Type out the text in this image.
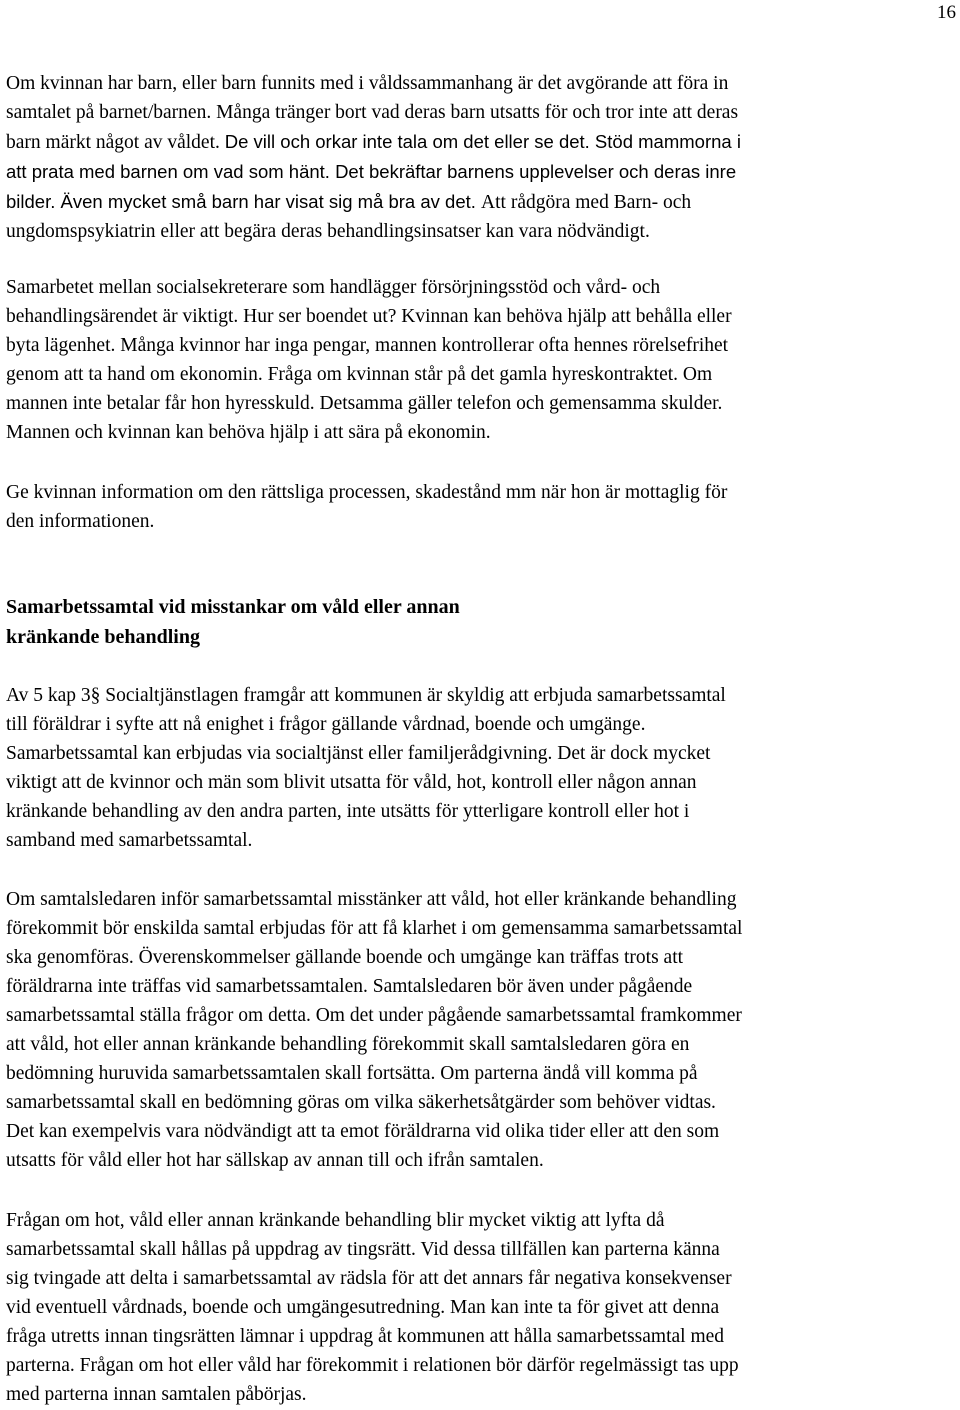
16
Om kvinnan har barn, eller barn funnits med i våldssammanhang är det avgörande att föra in
samtalet på barnet/barnen. Många tränger bort vad deras barn utsatts för och tror inte att deras
barn märkt något av våldet. De vill och orkar inte tala om det eller se det. Stöd mammorna i
att prata med barnen om vad som hänt. Det bekräftar barnens upplevelser och deras inre
bilder. Även mycket små barn har visat sig må bra av det. Att rådgöra med Barn- och
ungdomspsykiatrin eller att begära deras behandlingsinsatser kan vara nödvändigt.
Samarbetet mellan socialsekreterare som handlägger försörjningsstöd och vård- och
behandlingsärendet är viktigt. Hur ser boendet ut? Kvinnan kan behöva hjälp att behålla eller
byta lägenhet. Många kvinnor har inga pengar, mannen kontrollerar ofta hennes rörelsefrihet
genom att ta hand om ekonomin. Fråga om kvinnan står på det gamla hyreskontraktet. Om
mannen inte betalar får hon hyresskuld. Detsamma gäller telefon och gemensamma skulder.
Mannen och kvinnan kan behöva hjälp i att sära på ekonomin.
Ge kvinnan information om den rättsliga processen, skadestånd mm när hon är mottaglig för
den informationen.
Samarbetssamtal vid misstankar om våld eller annan
kränkande behandling
Av 5 kap 3§ Socialtjänstlagen framgår att kommunen är skyldig att erbjuda samarbetssamtal
till föräldrar i syfte att nå enighet i frågor gällande vårdnad, boende och umgänge.
Samarbetssamtal kan erbjudas via socialtjänst eller familjerådgivning. Det är dock mycket
viktigt att de kvinnor och män som blivit utsatta för våld, hot, kontroll eller någon annan
kränkande behandling av den andra parten, inte utsätts för ytterligare kontroll eller hot i
samband med samarbetssamtal.
Om samtalsledaren inför samarbetssamtal misstänker att våld, hot eller kränkande behandling
förekommit bör enskilda samtal erbjudas för att få klarhet i om gemensamma samarbetssamtal
ska genomföras. Överenskommelser gällande boende och umgänge kan träffas trots att
föräldrarna inte träffas vid samarbetssamtalen. Samtalsledaren bör även under pågående
samarbetssamtal ställa frågor om detta. Om det under pågående samarbetssamtal framkommer
att våld, hot eller annan kränkande behandling förekommit skall samtalsledaren göra en
bedömning huruvida samarbetssamtalen skall fortsätta. Om parterna ändå vill komma på
samarbetssamtal skall en bedömning göras om vilka säkerhetsåtgärder som behöver vidtas.
Det kan exempelvis vara nödvändigt att ta emot föräldrarna vid olika tider eller att den som
utsatts för våld eller hot har sällskap av annan till och ifrån samtalen.
Frågan om hot, våld eller annan kränkande behandling blir mycket viktig att lyfta då
samarbetssamtal skall hållas på uppdrag av tingsrätt. Vid dessa tillfällen kan parterna känna
sig tvingade att delta i samarbetssamtal av rädsla för att det annars får negativa konsekvenser
vid eventuell vårdnads, boende och umgängesutredning. Man kan inte ta för givet att denna
fråga utretts innan tingsrätten lämnar i uppdrag åt kommunen att hålla samarbetssamtal med
parterna. Frågan om hot eller våld har förekommit i relationen bör därför regelmässigt tas upp
med parterna innan samtalen påbörjas.
